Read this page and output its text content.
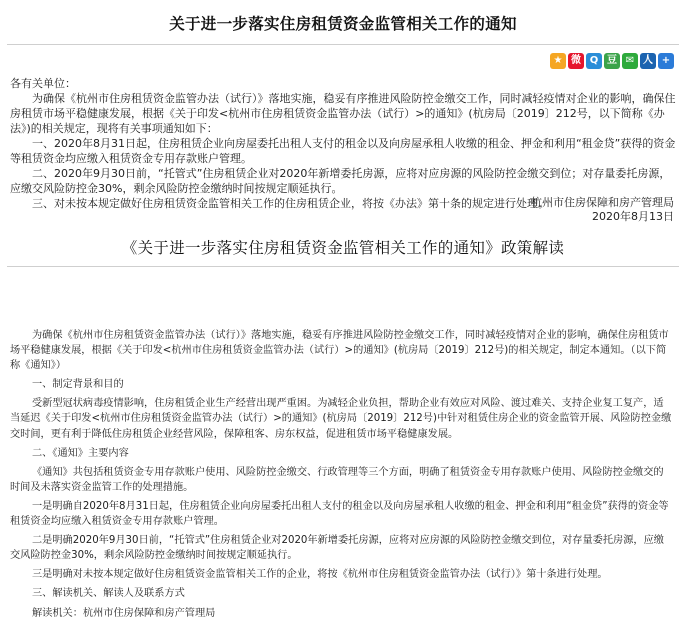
关于进一步落实住房租赁资金监管相关工作的通知
★ 微 Q 豆 ✉ 人 +

各有关单位：

为确保《杭州市住房租赁资金监管办法（试行）》落地实施，稳妥有序推进风险防控金缴交工作，同时减轻疫情对企业的影响，确保住房租赁市场平稳健康发展，根据《关于印发<杭州市住房租赁资金监管办法（试行）>的通知》(杭房局〔2019〕212号，以下简称《办法》)的相关规定，现将有关事项通知如下：

一、2020年8月31日起，住房租赁企业向房屋委托出租人支付的租金以及向房屋承租人收缴的租金、押金和利用“租金贷”获得的资金等租赁资金均应缴入租赁资金专用存款账户管理。

二、2020年9月30日前，“托管式”住房租赁企业对2020年新增委托房源，应将对应房源的风险防控金缴交到位；对存量委托房源，应缴交风险防控金30%，剩余风险防控金缴纳时间按规定顺延执行。

三、对未按本规定做好住房租赁资金监管相关工作的住房租赁企业，将按《办法》第十条的规定进行处理。

杭州市住房保障和房产管理局
2020年8月13日
《关于进一步落实住房租赁资金监管相关工作的通知》政策解读

为确保《杭州市住房租赁资金监管办法（试行）》落地实施，稳妥有序推进风险防控金缴交工作，同时减轻疫情对企业的影响，确保住房租赁市场平稳健康发展，根据《关于印发<杭州市住房租赁资金监管办法（试行）>的通知》(杭房局〔2019〕212号)的相关规定，制定本通知。（以下简称《通知》）

一、制定背景和目的

受新型冠状病毒疫情影响，住房租赁企业生产经营出现严重困。为减轻企业负担，帮助企业有效应对风险、渡过难关、支持企业复工复产，适当延迟《关于印发<杭州市住房租赁资金监管办法（试行）>的通知》(杭房局〔2019〕212号)中针对租赁住房企业的资金监管开展、风险防控金缴交时间，更有利于降低住房租赁企业经营风险，保障租客、房东权益，促进租赁市场平稳健康发展。

二、《通知》主要内容

《通知》共包括租赁资金专用存款账户使用、风险防控金缴交、行政管理等三个方面，明确了租赁资金专用存款账户使用、风险防控金缴交的时间及未落实资金监管工作的处理措施。

一是明确自2020年8月31日起，住房租赁企业向房屋委托出租人支付的租金以及向房屋承租人收缴的租金、押金和利用“租金贷”获得的资金等租赁资金均应缴入租赁资金专用存款账户管理。

二是明确2020年9月30日前，“托管式”住房租赁企业对2020年新增委托房源，应将对应房源的风险防控金缴交到位，对存量委托房源，应缴交风险防控金30%，剩余风险防控金缴纳时间按规定顺延执行。

三是明确对未按本规定做好住房租赁资金监管相关工作的企业，将按《杭州市住房租赁资金监管办法（试行）》第十条进行处理。

三、解读机关、解读人及联系方式

解读机关：杭州市住房保障和房产管理局
